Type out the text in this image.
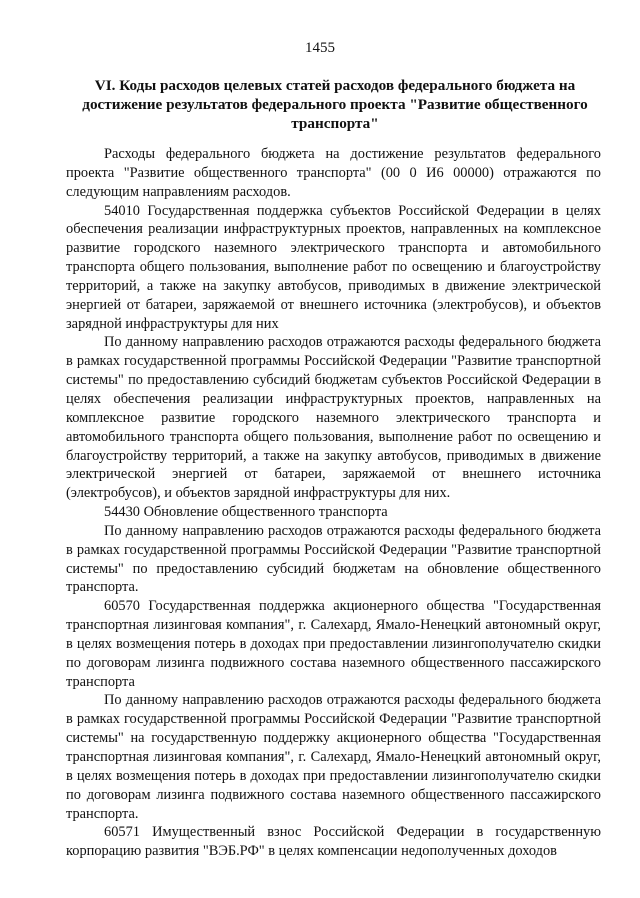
1455
VI. Коды расходов целевых статей расходов федерального бюджета на достижение результатов федерального проекта "Развитие общественного транспорта"

Расходы федерального бюджета на достижение результатов федерального проекта "Развитие общественного транспорта" (00 0 И6 00000) отражаются по следующим направлениям расходов.

54010 Государственная поддержка субъектов Российской Федерации в целях обеспечения реализации инфраструктурных проектов, направленных на комплексное развитие городского наземного электрического транспорта и автомобильного транспорта общего пользования, выполнение работ по освещению и благоустройству территорий, а также на закупку автобусов, приводимых в движение электрической энергией от батареи, заряжаемой от внешнего источника (электробусов), и объектов зарядной инфраструктуры для них

По данному направлению расходов отражаются расходы федерального бюджета в рамках государственной программы Российской Федерации "Развитие транспортной системы" по предоставлению субсидий бюджетам субъектов Российской Федерации в целях обеспечения реализации инфраструктурных проектов, направленных на комплексное развитие городского наземного электрического транспорта и автомобильного транспорта общего пользования, выполнение работ по освещению и благоустройству территорий, а также на закупку автобусов, приводимых в движение электрической энергией от батареи, заряжаемой от внешнего источника (электробусов), и объектов зарядной инфраструктуры для них.

54430 Обновление общественного транспорта

По данному направлению расходов отражаются расходы федерального бюджета в рамках государственной программы Российской Федерации "Развитие транспортной системы" по предоставлению субсидий бюджетам на обновление общественного транспорта.

60570 Государственная поддержка акционерного общества "Государственная транспортная лизинговая компания", г. Салехард, Ямало-Ненецкий автономный округ, в целях возмещения потерь в доходах при предоставлении лизингополучателю скидки по договорам лизинга подвижного состава наземного общественного пассажирского транспорта

По данному направлению расходов отражаются расходы федерального бюджета в рамках государственной программы Российской Федерации "Развитие транспортной системы" на государственную поддержку акционерного общества "Государственная транспортная лизинговая компания", г. Салехард, Ямало-Ненецкий автономный округ, в целях возмещения потерь в доходах при предоставлении лизингополучателю скидки по договорам лизинга подвижного состава наземного общественного пассажирского транспорта.

60571 Имущественный взнос Российской Федерации в государственную корпорацию развития "ВЭБ.РФ" в целях компенсации недополученных доходов
